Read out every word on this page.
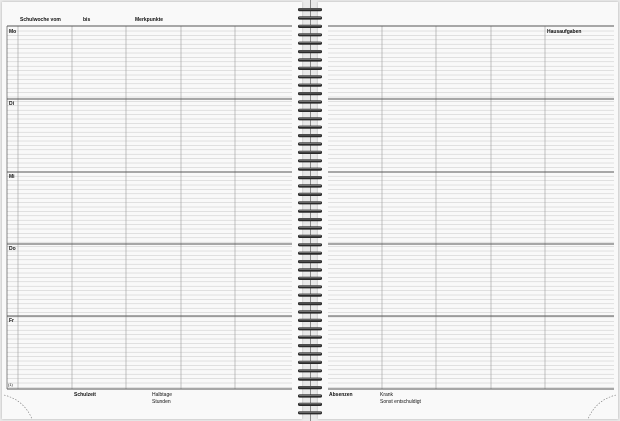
Schulwoche vom	bis	Merkpunkte
Mo
Di
Mi
Do
Fr
(1)
Schulzeit	Halbtage
Stunden
Hausaufgaben
Absenzen	Krank
Sonst entschuldigt
